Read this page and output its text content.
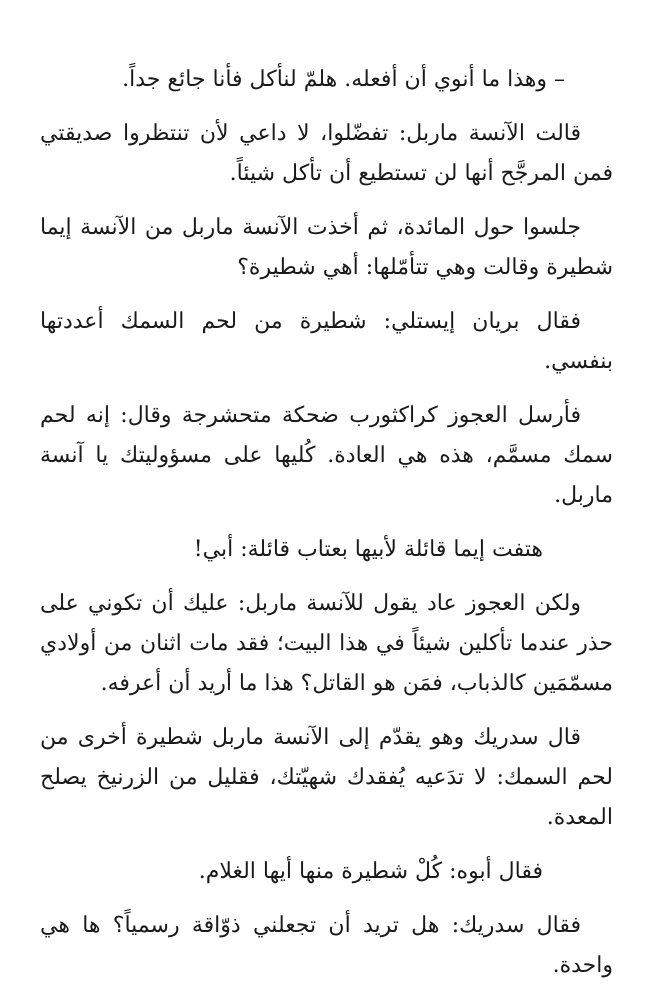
– وهذا ما أنوي أن أفعله. هلمّ لنأكل فأنا جائع جداً.

قالت الآنسة ماربل: تفضّلوا، لا داعي لأن تنتظروا صديقتي فمن المرجَّح أنها لن تستطيع أن تأكل شيئاً.

جلسوا حول المائدة، ثم أخذت الآنسة ماربل من الآنسة إيما شطيرة وقالت وهي تتأمّلها: أهي شطيرة؟

فقال بريان إيستلي: شطيرة من لحم السمك أعددتها بنفسي.

فأرسل العجوز كراكثورب ضحكة متحشرجة وقال: إنه لحم سمك مسمَّم، هذه هي العادة. كُليها على مسؤوليتك يا آنسة ماربل.

هتفت إيما قائلة لأبيها بعتاب قائلة: أبي!

ولكن العجوز عاد يقول للآنسة ماربل: عليك أن تكوني على حذر عندما تأكلين شيئاً في هذا البيت؛ فقد مات اثنان من أولادي مسمّمَين كالذباب، فمَن هو القاتل؟ هذا ما أريد أن أعرفه.

قال سدريك وهو يقدّم إلى الآنسة ماربل شطيرة أخرى من لحم السمك: لا تدَعيه يُفقدك شهيّتك، فقليل من الزرنيخ يصلح المعدة.

فقال أبوه: كُلْ شطيرة منها أيها الغلام.

فقال سدريك: هل تريد أن تجعلني ذوّاقة رسمياً؟ ها هي واحدة.
